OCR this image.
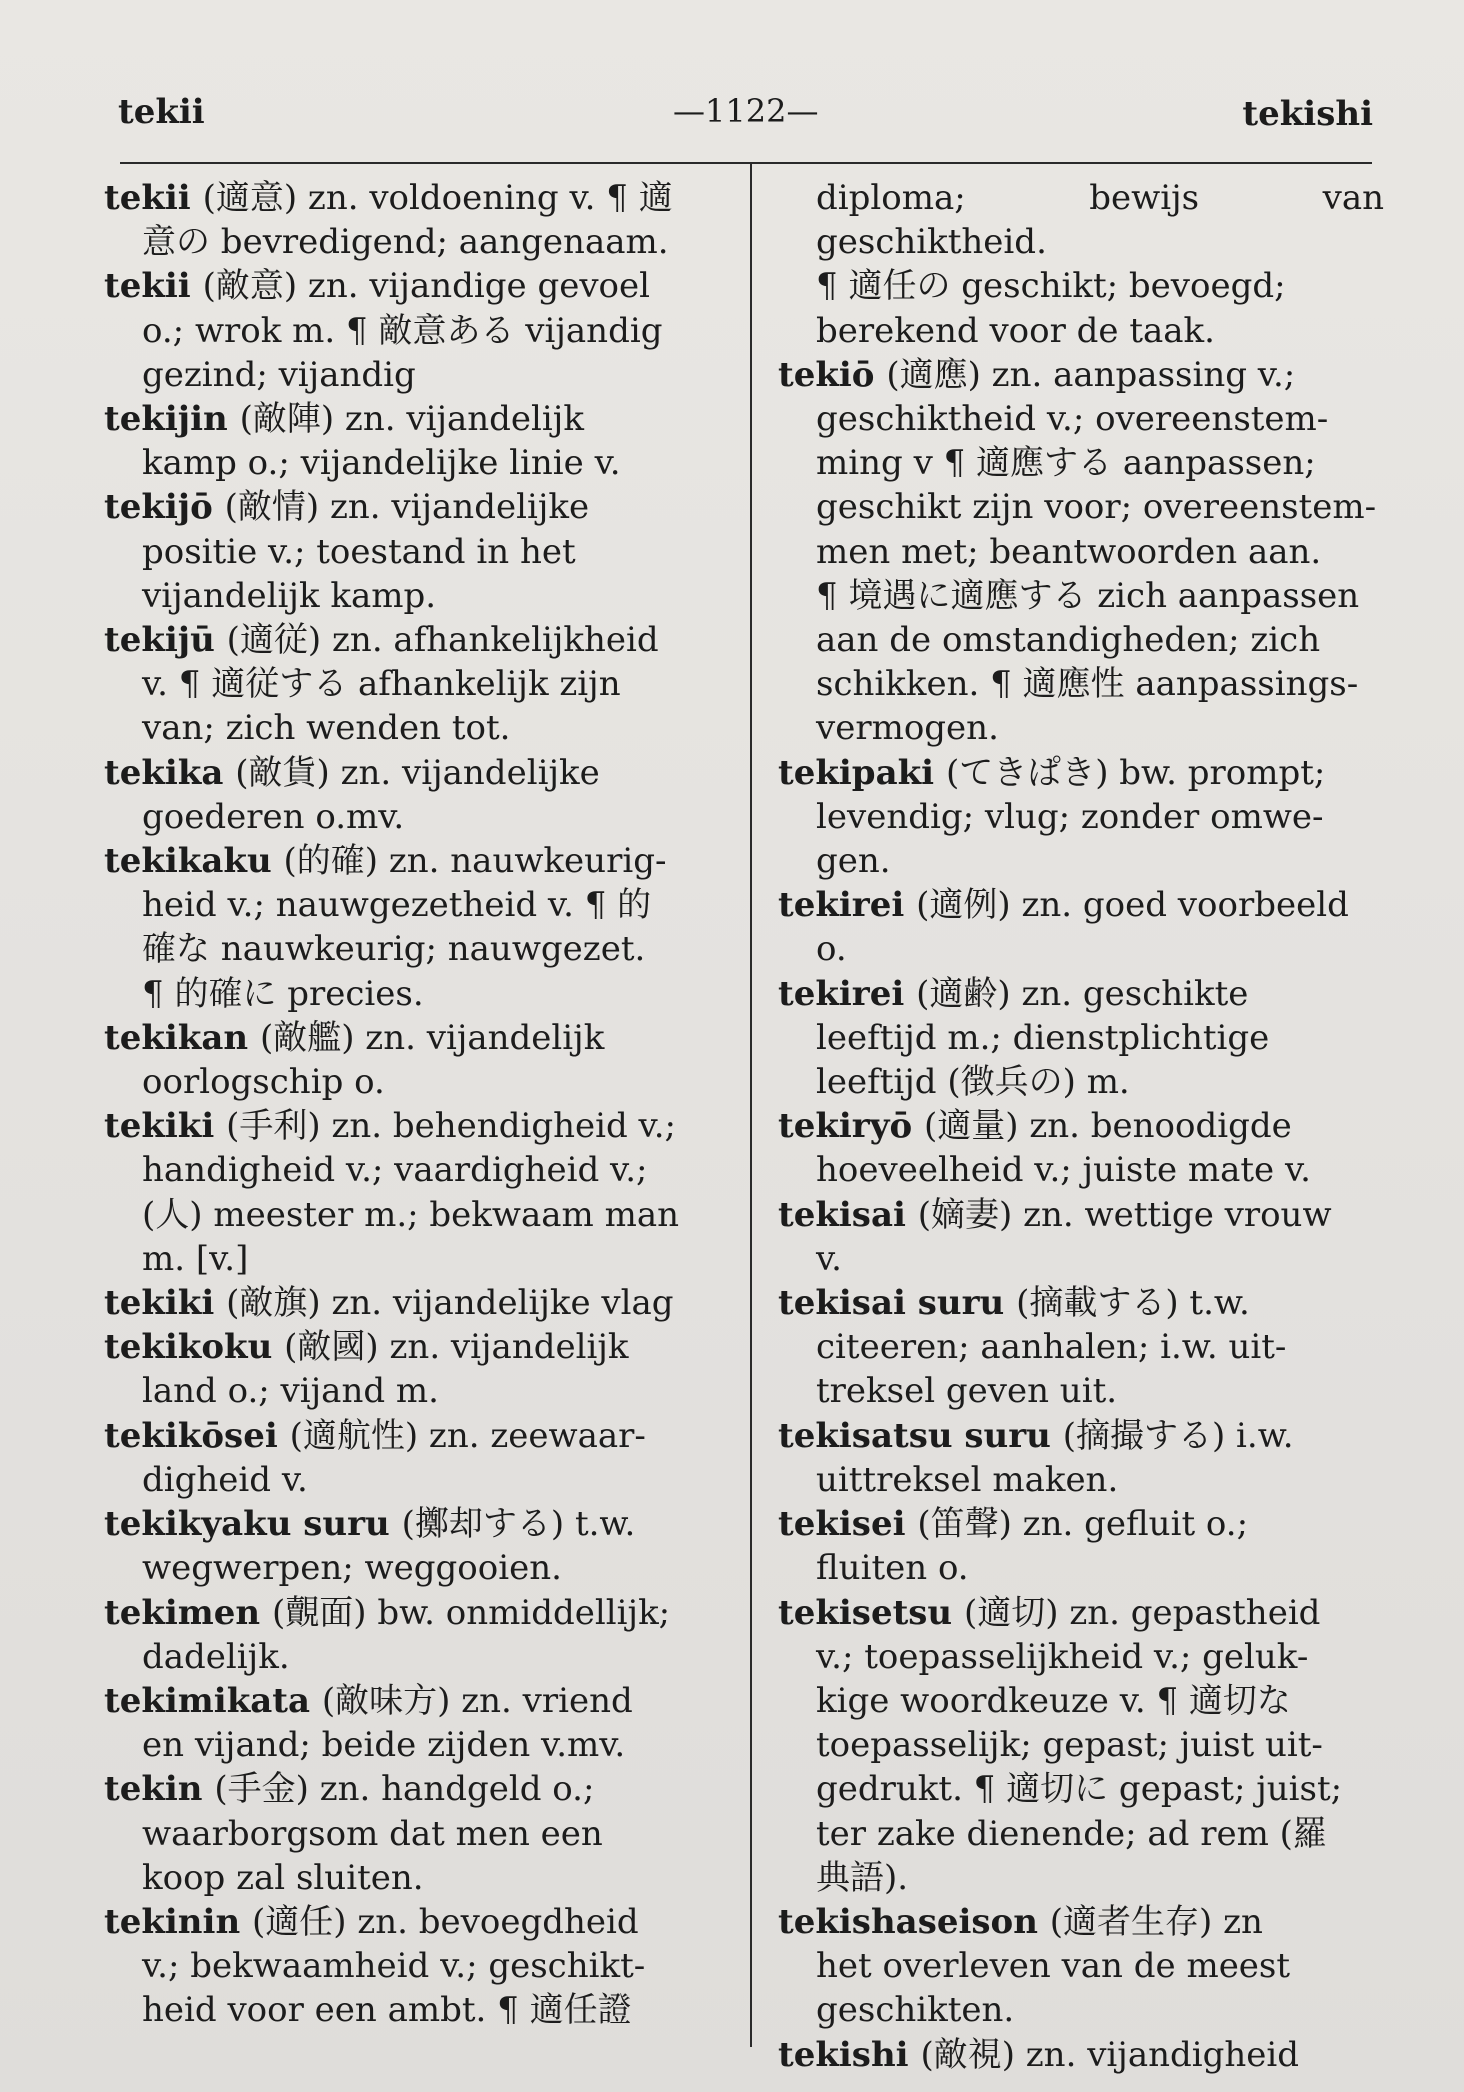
tekii	—1122—	tekishi
tekii (適意) zn. voldoening v. ¶ 適
意の bevredigend; aangenaam.
tekii (敵意) zn. vijandige gevoel
o.; wrok m. ¶ 敵意ある vijandig
gezind; vijandig
tekijin (敵陣) zn. vijandelijk
kamp o.; vijandelijke linie v.
tekijō (敵情) zn. vijandelijke
positie v.; toestand in het
vijandelijk kamp.
tekijū (適従) zn. afhankelijkheid
v. ¶ 適従する afhankelijk zijn
van; zich wenden tot.
tekika (敵貨) zn. vijandelijke
goederen o.mv.
tekikaku (的確) zn. nauwkeurig-
heid v.; nauwgezetheid v. ¶ 的
確な nauwkeurig; nauwgezet.
¶ 的確に precies.
tekikan (敵艦) zn. vijandelijk
oorlogschip o.
tekiki (手利) zn. behendigheid v.;
handigheid v.; vaardigheid v.;
(人) meester m.; bekwaam man
m. [v.]
tekiki (敵旗) zn. vijandelijke vlag
tekikoku (敵國) zn. vijandelijk
land o.; vijand m.
tekikōsei (適航性) zn. zeewaar-
digheid v.
tekikyaku suru (擲却する) t.w.
wegwerpen; weggooien.
tekimen (覿面) bw. onmiddellijk;
dadelijk.
tekimikata (敵味方) zn. vriend
en vijand; beide zijden v.mv.
tekin (手金) zn. handgeld o.;
waarborgsom dat men een
koop zal sluiten.
tekinin (適任) zn. bevoegdheid
v.; bekwaamheid v.; geschikt-
heid voor een ambt. ¶ 適任證
diploma; bewijs van geschiktheid.
¶ 適任の geschikt; bevoegd;
berekend voor de taak.
tekiō (適應) zn. aanpassing v.;
geschiktheid v.; overeenstem-
ming v ¶ 適應する aanpassen;
geschikt zijn voor; overeenstem-
men met; beantwoorden aan.
¶ 境遇に適應する zich aanpassen
aan de omstandigheden; zich
schikken. ¶ 適應性 aanpassings-
vermogen.
tekipaki (てきぱき) bw. prompt;
levendig; vlug; zonder omwe-
gen.
tekirei (適例) zn. goed voorbeeld
o.
tekirei (適齢) zn. geschikte
leeftijd m.; dienstplichtige
leeftijd (徴兵の) m.
tekiryō (適量) zn. benoodigde
hoeveelheid v.; juiste mate v.
tekisai (嫡妻) zn. wettige vrouw
v.
tekisai suru (摘載する) t.w.
citeeren; aanhalen; i.w. uit-
treksel geven uit.
tekisatsu suru (摘撮する) i.w.
uittreksel maken.
tekisei (笛聲) zn. gefluit o.;
fluiten o.
tekisetsu (適切) zn. gepastheid
v.; toepasselijkheid v.; geluk-
kige woordkeuze v. ¶ 適切な
toepasselijk; gepast; juist uit-
gedrukt. ¶ 適切に gepast; juist;
ter zake dienende; ad rem (羅
典語).
tekishaseison (適者生存) zn
het overleven van de meest
geschikten.
tekishi (敵視) zn. vijandigheid
